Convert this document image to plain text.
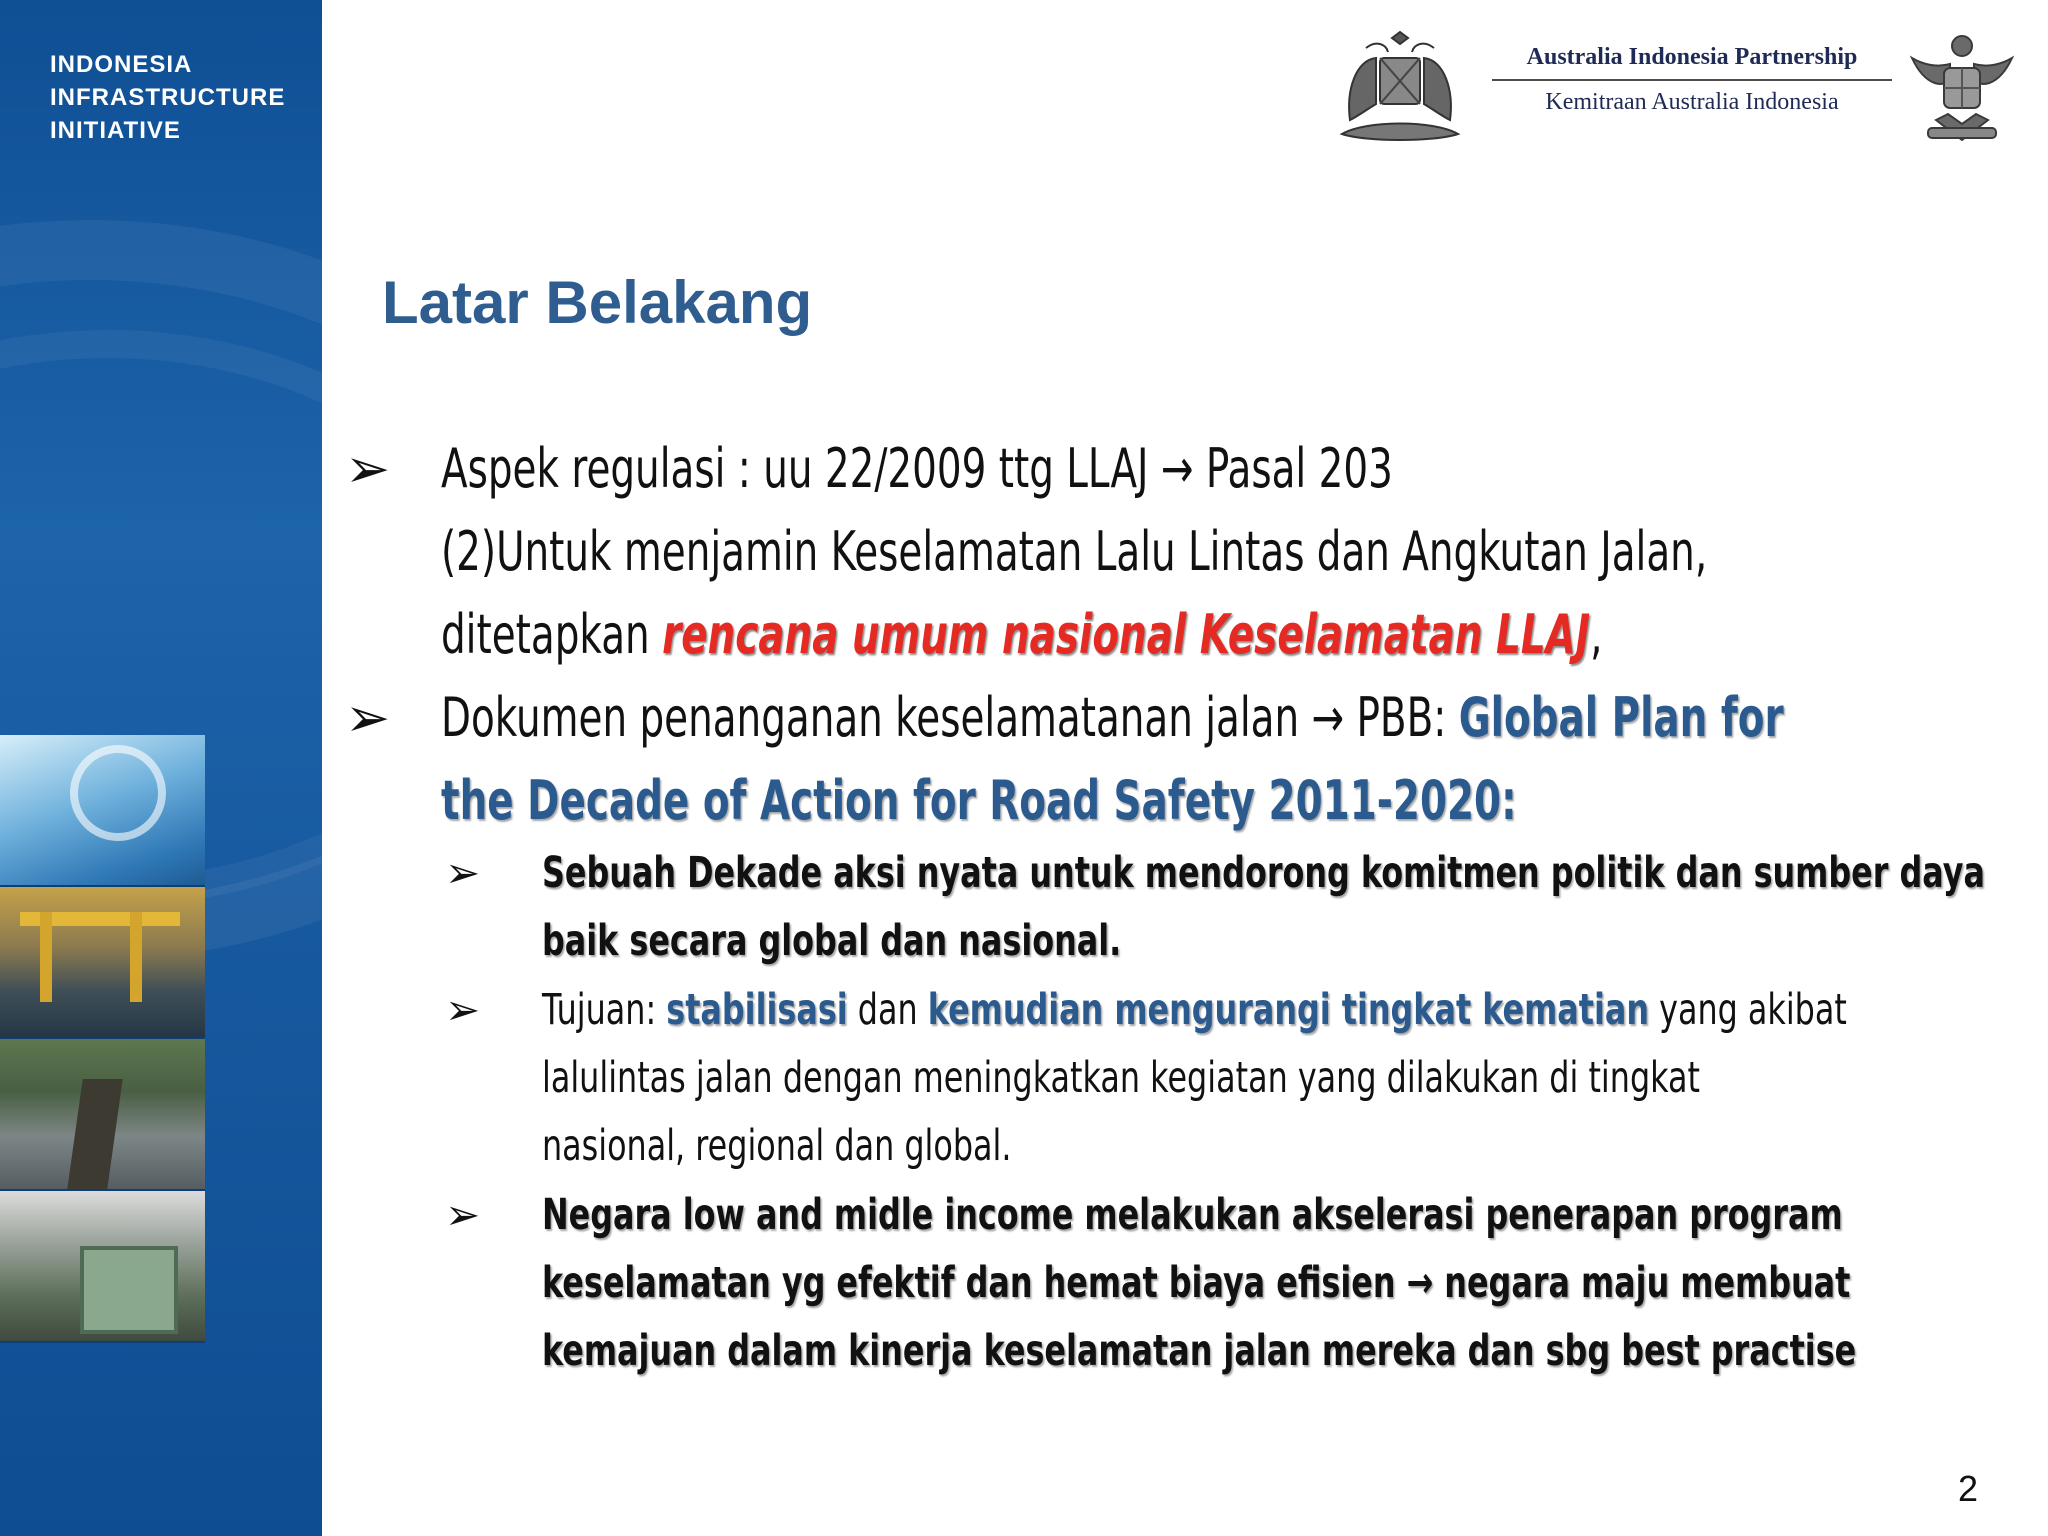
INDONESIA
INFRASTRUCTURE
INITIATIVE

Australia Indonesia Partnership
Kemitraan Australia Indonesia
Latar Belakang
➢ Aspek regulasi : uu 22/2009 ttg LLAJ → Pasal 203
(2)Untuk menjamin Keselamatan Lalu Lintas dan Angkutan Jalan,
ditetapkan rencana umum nasional Keselamatan LLAJ,
➢ Dokumen penanganan keselamatanan jalan → PBB: Global Plan for
the Decade of Action for Road Safety 2011-2020:
➢ Sebuah Dekade aksi nyata untuk mendorong komitmen politik dan sumber daya
baik secara global dan nasional.
➢ Tujuan: stabilisasi dan kemudian mengurangi tingkat kematian yang akibat
lalulintas jalan dengan meningkatkan kegiatan yang dilakukan di tingkat
nasional, regional dan global.
➢ Negara low and midle income melakukan akselerasi penerapan program
keselamatan yg efektif dan hemat biaya efisien → negara maju membuat
kemajuan dalam kinerja keselamatan jalan mereka dan sbg best practise
2
